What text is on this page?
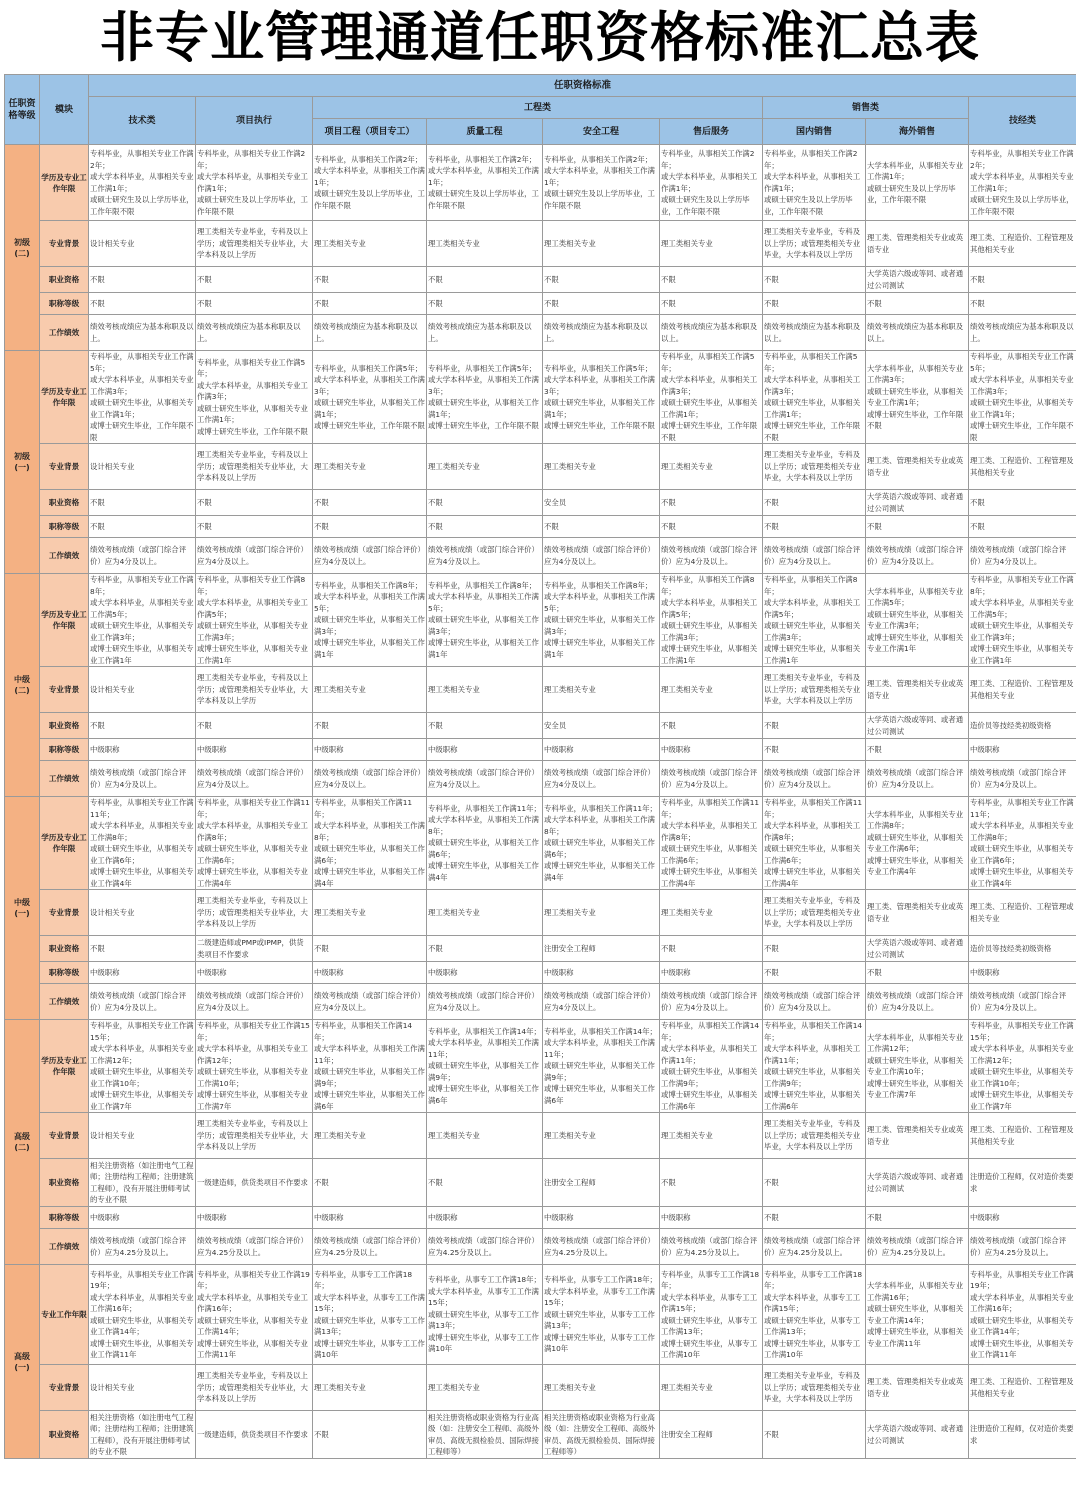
非专业管理通道任职资格标准汇总表
任职资格等级	模块	任职资格标准								
		技术类	项目执行	工程类				销售类		技经类
				项目工程（项目专工）	质量工程	安全工程	售后服务	国内销售	海外销售	
初级
(二)	学历及专业工作年限	专科毕业，从事相关专业工作满2年；
或大学本科毕业，从事相关专业工作满1年；
或硕士研究生及以上学历毕业，工作年限不限	专科毕业，从事相关专业工作满2年；
或大学本科毕业，从事相关专业工作满1年；
或硕士研究生及以上学历毕业，工作年限不限	专科毕业，从事相关工作满2年；
或大学本科毕业，从事相关工作满1年；
或硕士研究生及以上学历毕业，工作年限不限	专科毕业，从事相关工作满2年；
或大学本科毕业，从事相关工作满1年；
或硕士研究生及以上学历毕业，工作年限不限	专科毕业，从事相关工作满2年；
或大学本科毕业，从事相关工作满1年；
或硕士研究生及以上学历毕业，工作年限不限	专科毕业，从事相关工作满2年；
或大学本科毕业，从事相关工作满1年；
或硕士研究生及以上学历毕业，工作年限不限	专科毕业，从事相关工作满2年；
或大学本科毕业，从事相关工作满1年；
或硕士研究生及以上学历毕业，工作年限不限	大学本科毕业，从事相关专业工作满1年；
或硕士研究生及以上学历毕业，工作年限不限	专科毕业，从事相关专业工作满2年；
或大学本科毕业，从事相关专业工作满1年；
或硕士研究生及以上学历毕业，工作年限不限
	专业背景	设计相关专业	理工类相关专业毕业，专科及以上学历；或管理类相关专业毕业，大学本科及以上学历	理工类相关专业	理工类相关专业	理工类相关专业	理工类相关专业	理工类相关专业毕业，专科及以上学历；或管理类相关专业毕业，大学本科及以上学历	理工类、管理类相关专业或英语专业	理工类、工程造价、工程管理及其他相关专业
	职业资格	不限	不限	不限	不限	不限	不限	不限	大学英语六级或等同、或者通过公司测试	不限
	职称等级	不限	不限	不限	不限	不限	不限	不限	不限	不限
	工作绩效	绩效考核成绩应为基本称职及以上。	绩效考核成绩应为基本称职及以上。	绩效考核成绩应为基本称职及以上。	绩效考核成绩应为基本称职及以上。	绩效考核成绩应为基本称职及以上。	绩效考核成绩应为基本称职及以上。	绩效考核成绩应为基本称职及以上。	绩效考核成绩应为基本称职及以上。	绩效考核成绩应为基本称职及以上。
初级
(一)	学历及专业工作年限	专科毕业，从事相关专业工作满5年；
或大学本科毕业，从事相关专业工作满3年；
或硕士研究生毕业，从事相关专业工作满1年；
或博士研究生毕业，工作年限不限	专科毕业，从事相关专业工作满5年；
或大学本科毕业，从事相关专业工作满3年；
或硕士研究生毕业，从事相关专业工作满1年；
或博士研究生毕业，工作年限不限	专科毕业，从事相关工作满5年；
或大学本科毕业，从事相关工作满3年；
或硕士研究生毕业，从事相关工作满1年；
或博士研究生毕业，工作年限不限	专科毕业，从事相关工作满5年；
或大学本科毕业，从事相关工作满3年；
或硕士研究生毕业，从事相关工作满1年；
或博士研究生毕业，工作年限不限	专科毕业，从事相关工作满5年；
或大学本科毕业，从事相关工作满3年；
或硕士研究生毕业，从事相关工作满1年；
或博士研究生毕业，工作年限不限	专科毕业，从事相关工作满5年；
或大学本科毕业，从事相关工作满3年；
或硕士研究生毕业，从事相关工作满1年；
或博士研究生毕业，工作年限不限	专科毕业，从事相关工作满5年；
或大学本科毕业，从事相关工作满3年；
或硕士研究生毕业，从事相关工作满1年；
或博士研究生毕业，工作年限不限	大学本科毕业，从事相关专业工作满3年；
或硕士研究生毕业，从事相关专业工作满1年；
或博士研究生毕业，工作年限不限	专科毕业，从事相关专业工作满5年；
或大学本科毕业，从事相关专业工作满3年；
或硕士研究生毕业，从事相关专业工作满1年；
或博士研究生毕业，工作年限不限
	专业背景	设计相关专业	理工类相关专业毕业，专科及以上学历；或管理类相关专业毕业，大学本科及以上学历	理工类相关专业	理工类相关专业	理工类相关专业	理工类相关专业	理工类相关专业毕业，专科及以上学历；或管理类相关专业毕业，大学本科及以上学历	理工类、管理类相关专业或英语专业	理工类、工程造价、工程管理及其他相关专业
	职业资格	不限	不限	不限	不限	安全员	不限	不限	大学英语六级或等同、或者通过公司测试	不限
	职称等级	不限	不限	不限	不限	不限	不限	不限	不限	不限
	工作绩效	绩效考核成绩（或部门综合评价）应为4分及以上。	绩效考核成绩（或部门综合评价）应为4分及以上。	绩效考核成绩（或部门综合评价）应为4分及以上。	绩效考核成绩（或部门综合评价）应为4分及以上。	绩效考核成绩（或部门综合评价）应为4分及以上。	绩效考核成绩（或部门综合评价）应为4分及以上。	绩效考核成绩（或部门综合评价）应为4分及以上。	绩效考核成绩（或部门综合评价）应为4分及以上。	绩效考核成绩（或部门综合评价）应为4分及以上。
中级
(二)	学历及专业工作年限	专科毕业，从事相关专业工作满8年；
或大学本科毕业，从事相关专业工作满5年；
或硕士研究生毕业，从事相关专业工作满3年；
或博士研究生毕业，从事相关专业工作满1年	专科毕业，从事相关专业工作满8年；
或大学本科毕业，从事相关专业工作满5年；
或硕士研究生毕业，从事相关专业工作满3年；
或博士研究生毕业，从事相关专业工作满1年	专科毕业，从事相关工作满8年；
或大学本科毕业，从事相关工作满5年；
或硕士研究生毕业，从事相关工作满3年；
或博士研究生毕业，从事相关工作满1年	专科毕业，从事相关工作满8年；
或大学本科毕业，从事相关工作满5年；
或硕士研究生毕业，从事相关工作满3年；
或博士研究生毕业，从事相关工作满1年	专科毕业，从事相关工作满8年；
或大学本科毕业，从事相关工作满5年；
或硕士研究生毕业，从事相关工作满3年；
或博士研究生毕业，从事相关工作满1年	专科毕业，从事相关工作满8年；
或大学本科毕业，从事相关工作满5年；
或硕士研究生毕业，从事相关工作满3年；
或博士研究生毕业，从事相关工作满1年	专科毕业，从事相关工作满8年；
或大学本科毕业，从事相关工作满5年；
或硕士研究生毕业，从事相关工作满3年；
或博士研究生毕业，从事相关工作满1年	大学本科毕业，从事相关专业工作满5年；
或硕士研究生毕业，从事相关专业工作满3年；
或博士研究生毕业，从事相关专业工作满1年	专科毕业，从事相关专业工作满8年；
或大学本科毕业，从事相关专业工作满5年；
或硕士研究生毕业，从事相关专业工作满3年；
或博士研究生毕业，从事相关专业工作满1年
	专业背景	设计相关专业	理工类相关专业毕业，专科及以上学历；或管理类相关专业毕业，大学本科及以上学历	理工类相关专业	理工类相关专业	理工类相关专业	理工类相关专业	理工类相关专业毕业，专科及以上学历；或管理类相关专业毕业，大学本科及以上学历	理工类、管理类相关专业或英语专业	理工类、工程造价、工程管理及其他相关专业
	职业资格	不限	不限	不限	不限	安全员	不限	不限	大学英语六级或等同、或者通过公司测试	造价员等技经类初级资格
	职称等级	中级职称	中级职称	中级职称	中级职称	中级职称	中级职称	不限	不限	中级职称
	工作绩效	绩效考核成绩（或部门综合评价）应为4分及以上。	绩效考核成绩（或部门综合评价）应为4分及以上。	绩效考核成绩（或部门综合评价）应为4分及以上。	绩效考核成绩（或部门综合评价）应为4分及以上。	绩效考核成绩（或部门综合评价）应为4分及以上。	绩效考核成绩（或部门综合评价）应为4分及以上。	绩效考核成绩（或部门综合评价）应为4分及以上。	绩效考核成绩（或部门综合评价）应为4分及以上。	绩效考核成绩（或部门综合评价）应为4分及以上。
中级
(一)	学历及专业工作年限	专科毕业，从事相关专业工作满11年；
或大学本科毕业，从事相关专业工作满8年；
或硕士研究生毕业，从事相关专业工作满6年；
或博士研究生毕业，从事相关专业工作满4年	专科毕业，从事相关专业工作满11年；
或大学本科毕业，从事相关专业工作满8年；
或硕士研究生毕业，从事相关专业工作满6年；
或博士研究生毕业，从事相关专业工作满4年	专科毕业，从事相关工作满11年；
或大学本科毕业，从事相关工作满8年；
或硕士研究生毕业，从事相关工作满6年；
或博士研究生毕业，从事相关工作满4年	专科毕业，从事相关工作满11年；
或大学本科毕业，从事相关工作满8年；
或硕士研究生毕业，从事相关工作满6年；
或博士研究生毕业，从事相关工作满4年	专科毕业，从事相关工作满11年；
或大学本科毕业，从事相关工作满8年；
或硕士研究生毕业，从事相关工作满6年；
或博士研究生毕业，从事相关工作满4年	专科毕业，从事相关工作满11年；
或大学本科毕业，从事相关工作满8年；
或硕士研究生毕业，从事相关工作满6年；
或博士研究生毕业，从事相关工作满4年	专科毕业，从事相关工作满11年；
或大学本科毕业，从事相关工作满8年；
或硕士研究生毕业，从事相关工作满6年；
或博士研究生毕业，从事相关工作满4年	大学本科毕业，从事相关专业工作满8年；
或硕士研究生毕业，从事相关专业工作满6年；
或博士研究生毕业，从事相关专业工作满4年	专科毕业，从事相关专业工作满11年；
或大学本科毕业，从事相关专业工作满8年；
或硕士研究生毕业，从事相关专业工作满6年；
或博士研究生毕业，从事相关专业工作满4年
	专业背景	设计相关专业	理工类相关专业毕业，专科及以上学历；或管理类相关专业毕业，大学本科及以上学历	理工类相关专业	理工类相关专业	理工类相关专业	理工类相关专业	理工类相关专业毕业，专科及以上学历；或管理类相关专业毕业，大学本科及以上学历	理工类、管理类相关专业或英语专业	理工类、工程造价、工程管理或相关专业
	职业资格	不限	二级建造师或PMP或IPMP，供货类项目不作要求	不限	不限	注册安全工程师	不限	不限	大学英语六级或等同、或者通过公司测试	造价员等技经类初级资格
	职称等级	中级职称	中级职称	中级职称	中级职称	中级职称	中级职称	不限	不限	中级职称
	工作绩效	绩效考核成绩（或部门综合评价）应为4分及以上。	绩效考核成绩（或部门综合评价）应为4分及以上。	绩效考核成绩（或部门综合评价）应为4分及以上。	绩效考核成绩（或部门综合评价）应为4分及以上。	绩效考核成绩（或部门综合评价）应为4分及以上。	绩效考核成绩（或部门综合评价）应为4分及以上。	绩效考核成绩（或部门综合评价）应为4分及以上。	绩效考核成绩（或部门综合评价）应为4分及以上。	绩效考核成绩（或部门综合评价）应为4分及以上。
高级
(二)	学历及专业工作年限	专科毕业，从事相关专业工作满15年；
或大学本科毕业，从事相关专业工作满12年；
或硕士研究生毕业，从事相关专业工作满10年；
或博士研究生毕业，从事相关专业工作满7年	专科毕业，从事相关专业工作满15年；
或大学本科毕业，从事相关专业工作满12年；
或硕士研究生毕业，从事相关专业工作满10年；
或博士研究生毕业，从事相关专业工作满7年	专科毕业，从事相关工作满14年；
或大学本科毕业，从事相关工作满11年；
或硕士研究生毕业，从事相关工作满9年；
或博士研究生毕业，从事相关工作满6年	专科毕业，从事相关工作满14年；
或大学本科毕业，从事相关工作满11年；
或硕士研究生毕业，从事相关工作满9年；
或博士研究生毕业，从事相关工作满6年	专科毕业，从事相关工作满14年；
或大学本科毕业，从事相关工作满11年；
或硕士研究生毕业，从事相关工作满9年；
或博士研究生毕业，从事相关工作满6年	专科毕业，从事相关工作满14年；
或大学本科毕业，从事相关工作满11年；
或硕士研究生毕业，从事相关工作满9年；
或博士研究生毕业，从事相关工作满6年	专科毕业，从事相关工作满14年；
或大学本科毕业，从事相关工作满11年；
或硕士研究生毕业，从事相关工作满9年；
或博士研究生毕业，从事相关工作满6年	大学本科毕业，从事相关专业工作满12年；
或硕士研究生毕业，从事相关专业工作满10年；
或博士研究生毕业，从事相关专业工作满7年	专科毕业，从事相关专业工作满15年；
或大学本科毕业，从事相关专业工作满12年；
或硕士研究生毕业，从事相关专业工作满10年；
或博士研究生毕业，从事相关专业工作满7年
	专业背景	设计相关专业	理工类相关专业毕业，专科及以上学历；或管理类相关专业毕业，大学本科及以上学历	理工类相关专业	理工类相关专业	理工类相关专业	理工类相关专业	理工类相关专业毕业，专科及以上学历；或管理类相关专业毕业，大学本科及以上学历	理工类、管理类相关专业或英语专业	理工类、工程造价、工程管理及其他相关专业
	职业资格	相关注册资格（如注册电气工程师；注册结构工程师；注册建筑工程师），没有开展注册师考试的专业不限	一级建造师，供货类项目不作要求	不限	不限	注册安全工程师	不限	不限	大学英语六级或等同、或者通过公司测试	注册造价工程师，仅对造价类要求
	职称等级	中级职称	中级职称	中级职称	中级职称	中级职称	中级职称	不限	不限	中级职称
	工作绩效	绩效考核成绩（或部门综合评价）应为4.25分及以上。	绩效考核成绩（或部门综合评价）应为4.25分及以上。	绩效考核成绩（或部门综合评价）应为4.25分及以上。	绩效考核成绩（或部门综合评价）应为4.25分及以上。	绩效考核成绩（或部门综合评价）应为4.25分及以上。	绩效考核成绩（或部门综合评价）应为4.25分及以上。	绩效考核成绩（或部门综合评价）应为4.25分及以上。	绩效考核成绩（或部门综合评价）应为4.25分及以上。	绩效考核成绩（或部门综合评价）应为4.25分及以上。
高级
(一)	专业工作年限	专科毕业，从事相关专业工作满19年；
或大学本科毕业，从事相关专业工作满16年；
或硕士研究生毕业，从事相关专业工作满14年；
或博士研究生毕业，从事相关专业工作满11年	专科毕业，从事相关专业工作满19年；
或大学本科毕业，从事相关专业工作满16年；
或硕士研究生毕业，从事相关专业工作满14年；
或博士研究生毕业，从事相关专业工作满11年	专科毕业，从事专工工作满18年；
或大学本科毕业，从事专工工作满15年；
或硕士研究生毕业，从事专工工作满13年；
或博士研究生毕业，从事专工工作满10年	专科毕业，从事专工工作满18年；
或大学本科毕业，从事专工工作满15年；
或硕士研究生毕业，从事专工工作满13年；
或博士研究生毕业，从事专工工作满10年	专科毕业，从事专工工作满18年；
或大学本科毕业，从事专工工作满15年；
或硕士研究生毕业，从事专工工作满13年；
或博士研究生毕业，从事专工工作满10年	专科毕业，从事专工工作满18年；
或大学本科毕业，从事专工工作满15年；
或硕士研究生毕业，从事专工工作满13年；
或博士研究生毕业，从事专工工作满10年	专科毕业，从事专工工作满18年；
或大学本科毕业，从事专工工作满15年；
或硕士研究生毕业，从事专工工作满13年；
或博士研究生毕业，从事专工工作满10年	大学本科毕业，从事相关专业工作满16年；
或硕士研究生毕业，从事相关专业工作满14年；
或博士研究生毕业，从事相关专业工作满11年	专科毕业，从事相关专业工作满19年；
或大学本科毕业，从事相关专业工作满16年；
或硕士研究生毕业，从事相关专业工作满14年；
或博士研究生毕业，从事相关专业工作满11年
	专业背景	设计相关专业	理工类相关专业毕业，专科及以上学历；或管理类相关专业毕业，大学本科及以上学历	理工类相关专业	理工类相关专业	理工类相关专业	理工类相关专业	理工类相关专业毕业，专科及以上学历；或管理类相关专业毕业，大学本科及以上学历	理工类、管理类相关专业或英语专业	理工类、工程造价、工程管理及其他相关专业
	职业资格	相关注册资格（如注册电气工程师；注册结构工程师；注册建筑工程师），没有开展注册师考试的专业不限	一级建造师，供货类项目不作要求	不限	相关注册资格或职业资格为行业高级（如：注册安全工程师、高级外审员、高级无损检验员、国际焊接工程师等）	相关注册资格或职业资格为行业高级（如：注册安全工程师、高级外审员、高级无损检验员、国际焊接工程师等）	注册安全工程师	不限	大学英语六级或等同、或者通过公司测试	注册造价工程师，仅对造价类要求
